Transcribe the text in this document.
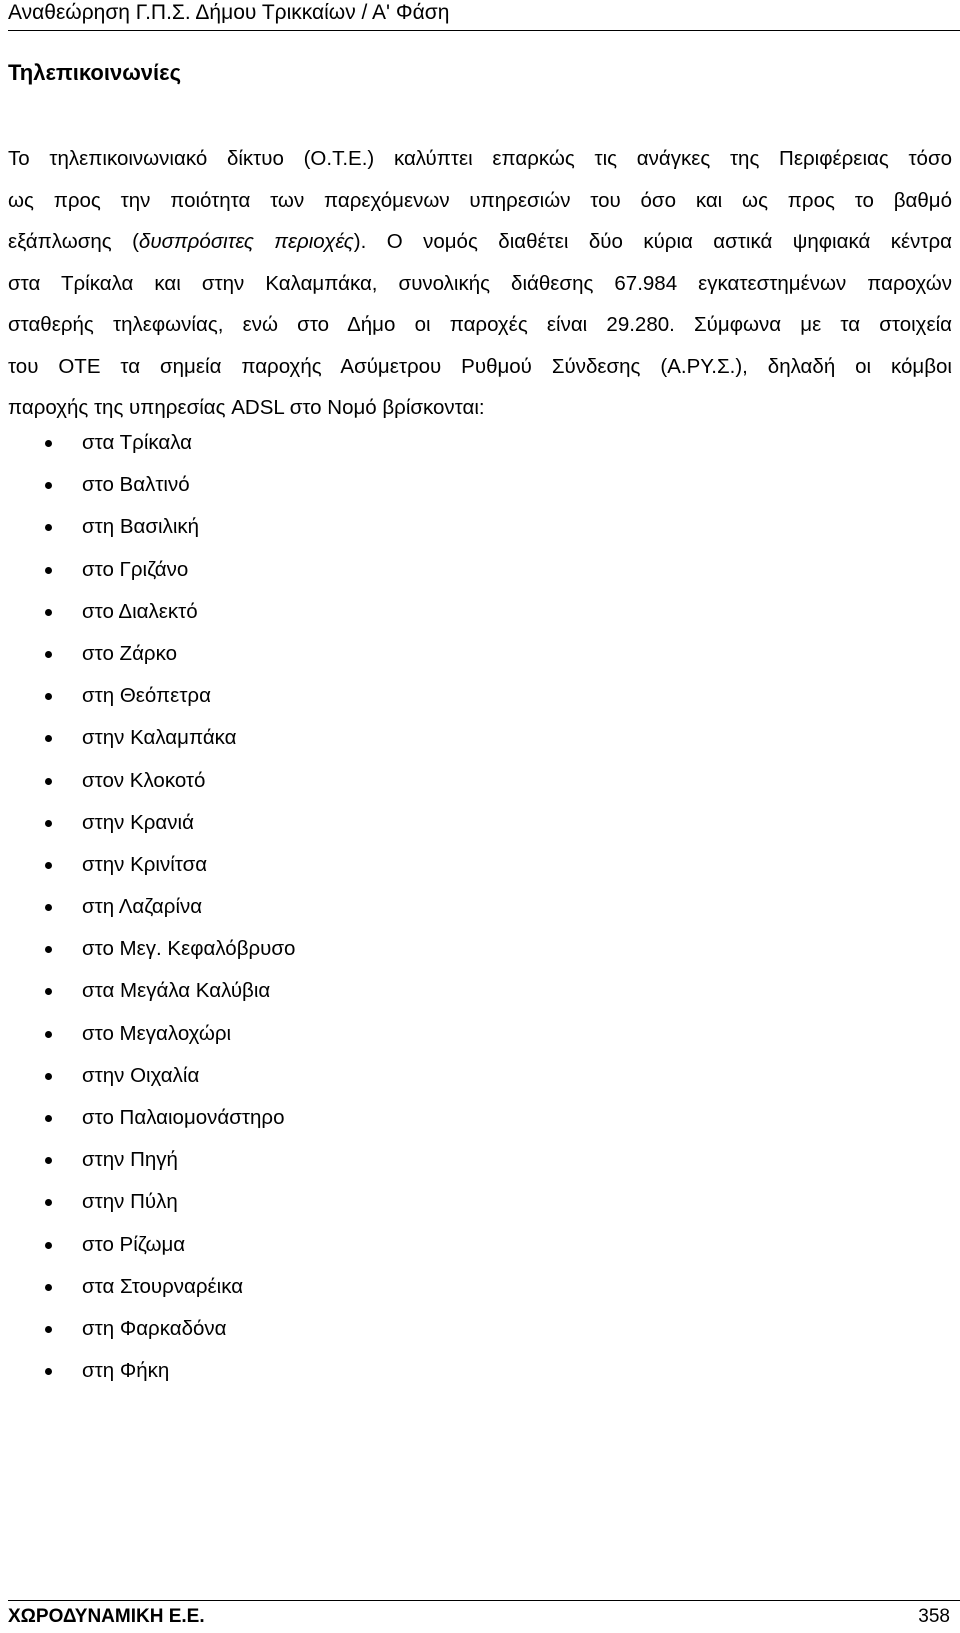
Αναθεώρηση Γ.Π.Σ. Δήμου Τρικκαίων / Α' Φάση
Τηλεπικοινωνίες
Το τηλεπικοινωνιακό δίκτυο (Ο.Τ.Ε.) καλύπτει επαρκώς τις ανάγκες της Περιφέρειας τόσο
ως προς την ποιότητα των παρεχόμενων υπηρεσιών του όσο και ως προς το βαθμό
εξάπλωσης (δυσπρόσιτες περιοχές). Ο νομός διαθέτει δύο κύρια αστικά ψηφιακά κέντρα
στα Τρίκαλα και στην Καλαμπάκα, συνολικής διάθεσης 67.984 εγκατεστημένων παροχών
σταθερής τηλεφωνίας, ενώ στο Δήμο οι παροχές είναι 29.280. Σύμφωνα με τα στοιχεία
του ΟΤΕ τα σημεία παροχής Ασύμετρου Ρυθμού Σύνδεσης (Α.ΡΥ.Σ.), δηλαδή οι κόμβοι
παροχής της υπηρεσίας ADSL στο Νομό βρίσκονται:
στα Τρίκαλα
στο Βαλτινό
στη Βασιλική
στο Γριζάνο
στο Διαλεκτό
στο Ζάρκο
στη Θεόπετρα
στην Καλαμπάκα
στον Κλοκοτό
στην Κρανιά
στην Κρινίτσα
στη Λαζαρίνα
στο Μεγ. Κεφαλόβρυσο
στα Μεγάλα Καλύβια
στο Μεγαλοχώρι
στην Οιχαλία
στο Παλαιομονάστηρο
στην Πηγή
στην Πύλη
στο Ρίζωμα
στα Στουρναρέικα
στη Φαρκαδόνα
στη Φήκη
ΧΩΡΟΔΥΝΑΜΙΚΗ Ε.Ε.	358
